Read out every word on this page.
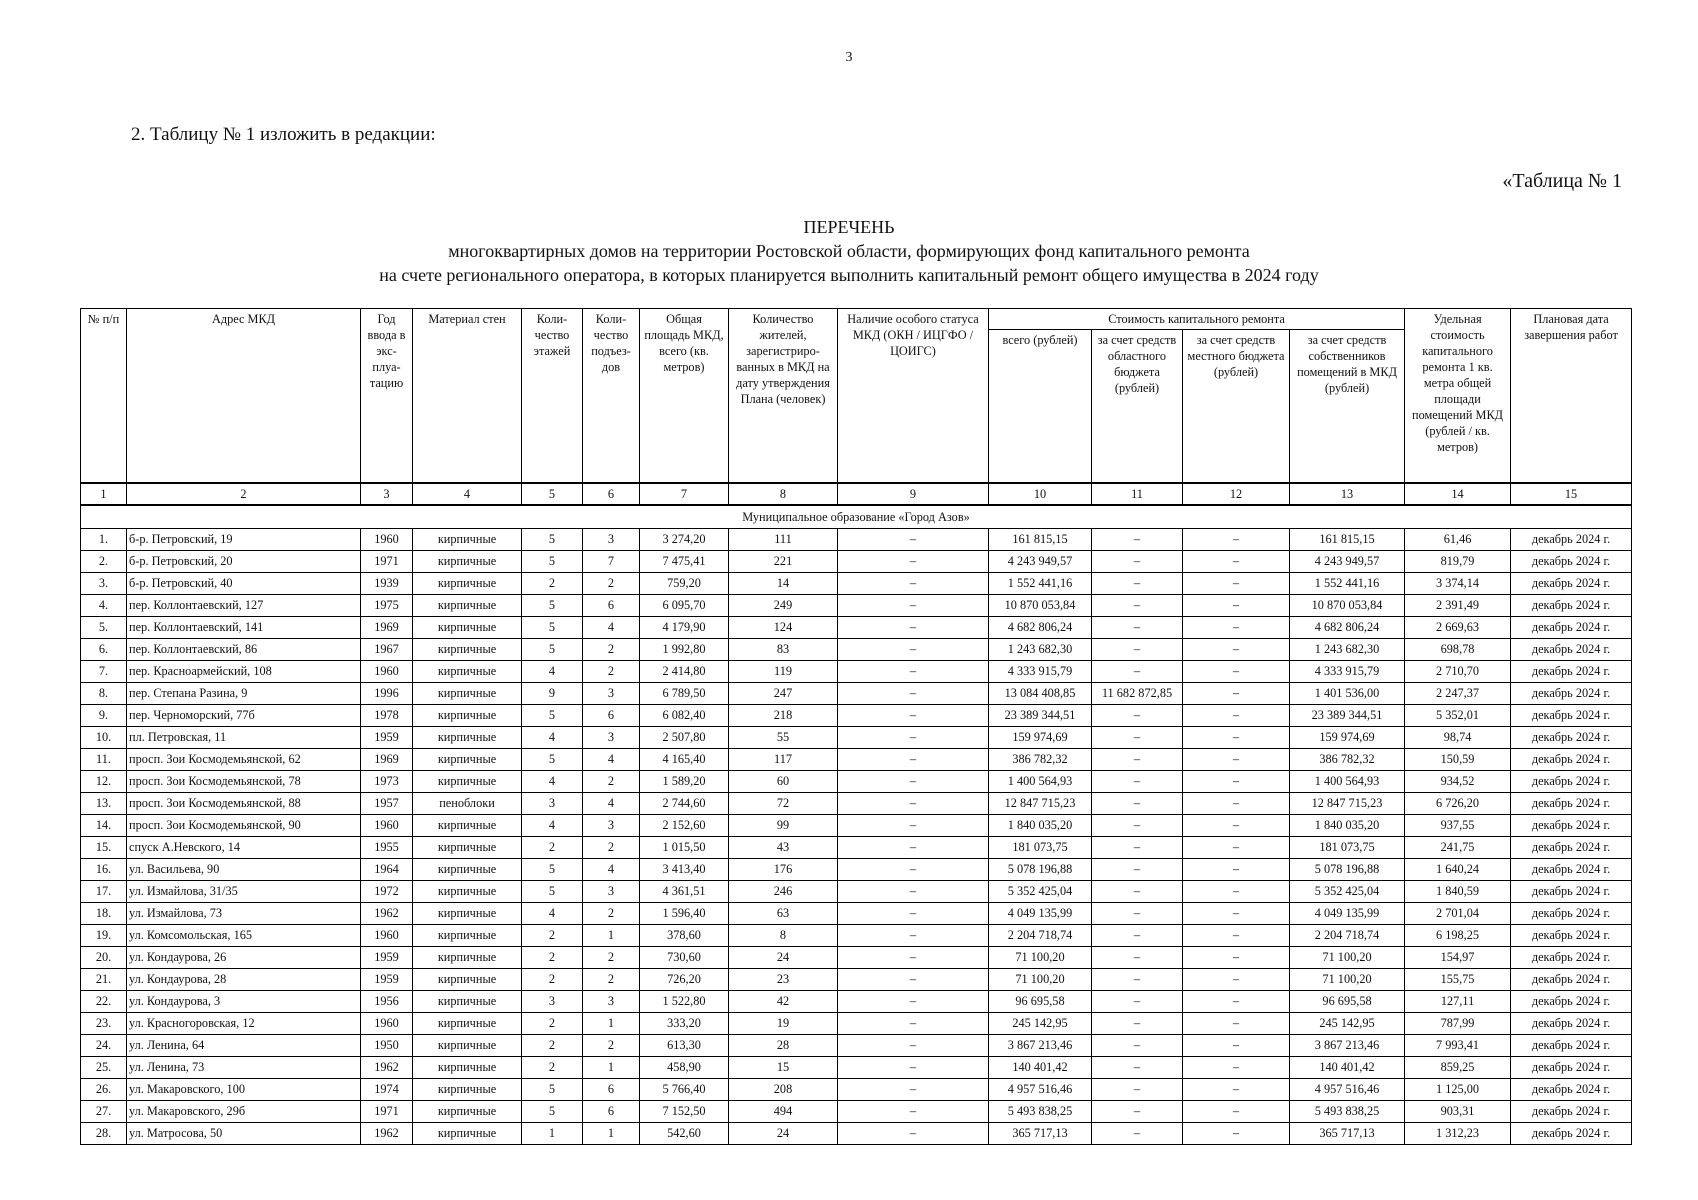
3
2. Таблицу № 1 изложить в редакции:
«Таблица № 1
ПЕРЕЧЕНЬ
многоквартирных домов на территории Ростовской области, формирующих фонд капитального ремонта
на счете регионального оператора, в которых планируется выполнить капитальный ремонт общего имущества в 2024 году
№ п/п	Адрес МКД	Год ввода в экс-плуа-тацию	Материал стен	Коли-чество этажей	Коли-чество подъез-дов	Общая площадь МКД, всего (кв. метров)	Количество жителей, зарегистриро-ванных в МКД на дату утверждения Плана (человек)	Наличие особого статуса МКД (ОКН / ИЦГФО / ЦОИГС)	Стоимость капитального ремонта				Удельная стоимость капитального ремонта 1 кв. метра общей площади помещений МКД (рублей / кв. метров)	Плановая дата завершения работ
									всего (рублей)	за счет средств областного бюджета (рублей)	за счет средств местного бюджета (рублей)	за счет средств собственников помещений в МКД (рублей)		
1	2	3	4	5	6	7	8	9	10	11	12	13	14	15
Муниципальное образование «Город Азов»														
1.	б-р. Петровский, 19	1960	кирпичные	5	3	3 274,20	111	–	161 815,15	–	–	161 815,15	61,46	декабрь 2024 г.
2.	б-р. Петровский, 20	1971	кирпичные	5	7	7 475,41	221	–	4 243 949,57	–	–	4 243 949,57	819,79	декабрь 2024 г.
3.	б-р. Петровский, 40	1939	кирпичные	2	2	759,20	14	–	1 552 441,16	–	–	1 552 441,16	3 374,14	декабрь 2024 г.
4.	пер. Коллонтаевский, 127	1975	кирпичные	5	6	6 095,70	249	–	10 870 053,84	–	–	10 870 053,84	2 391,49	декабрь 2024 г.
5.	пер. Коллонтаевский, 141	1969	кирпичные	5	4	4 179,90	124	–	4 682 806,24	–	–	4 682 806,24	2 669,63	декабрь 2024 г.
6.	пер. Коллонтаевский, 86	1967	кирпичные	5	2	1 992,80	83	–	1 243 682,30	–	–	1 243 682,30	698,78	декабрь 2024 г.
7.	пер. Красноармейский, 108	1960	кирпичные	4	2	2 414,80	119	–	4 333 915,79	–	–	4 333 915,79	2 710,70	декабрь 2024 г.
8.	пер. Степана Разина, 9	1996	кирпичные	9	3	6 789,50	247	–	13 084 408,85	11 682 872,85	–	1 401 536,00	2 247,37	декабрь 2024 г.
9.	пер. Черноморский, 77б	1978	кирпичные	5	6	6 082,40	218	–	23 389 344,51	–	–	23 389 344,51	5 352,01	декабрь 2024 г.
10.	пл. Петровская, 11	1959	кирпичные	4	3	2 507,80	55	–	159 974,69	–	–	159 974,69	98,74	декабрь 2024 г.
11.	просп. Зои Космодемьянской, 62	1969	кирпичные	5	4	4 165,40	117	–	386 782,32	–	–	386 782,32	150,59	декабрь 2024 г.
12.	просп. Зои Космодемьянской, 78	1973	кирпичные	4	2	1 589,20	60	–	1 400 564,93	–	–	1 400 564,93	934,52	декабрь 2024 г.
13.	просп. Зои Космодемьянской, 88	1957	пеноблоки	3	4	2 744,60	72	–	12 847 715,23	–	–	12 847 715,23	6 726,20	декабрь 2024 г.
14.	просп. Зои Космодемьянской, 90	1960	кирпичные	4	3	2 152,60	99	–	1 840 035,20	–	–	1 840 035,20	937,55	декабрь 2024 г.
15.	спуск А.Невского, 14	1955	кирпичные	2	2	1 015,50	43	–	181 073,75	–	–	181 073,75	241,75	декабрь 2024 г.
16.	ул. Васильева, 90	1964	кирпичные	5	4	3 413,40	176	–	5 078 196,88	–	–	5 078 196,88	1 640,24	декабрь 2024 г.
17.	ул. Измайлова, 31/35	1972	кирпичные	5	3	4 361,51	246	–	5 352 425,04	–	–	5 352 425,04	1 840,59	декабрь 2024 г.
18.	ул. Измайлова, 73	1962	кирпичные	4	2	1 596,40	63	–	4 049 135,99	–	–	4 049 135,99	2 701,04	декабрь 2024 г.
19.	ул. Комсомольская, 165	1960	кирпичные	2	1	378,60	8	–	2 204 718,74	–	–	2 204 718,74	6 198,25	декабрь 2024 г.
20.	ул. Кондаурова, 26	1959	кирпичные	2	2	730,60	24	–	71 100,20	–	–	71 100,20	154,97	декабрь 2024 г.
21.	ул. Кондаурова, 28	1959	кирпичные	2	2	726,20	23	–	71 100,20	–	–	71 100,20	155,75	декабрь 2024 г.
22.	ул. Кондаурова, 3	1956	кирпичные	3	3	1 522,80	42	–	96 695,58	–	–	96 695,58	127,11	декабрь 2024 г.
23.	ул. Красногоровская, 12	1960	кирпичные	2	1	333,20	19	–	245 142,95	–	–	245 142,95	787,99	декабрь 2024 г.
24.	ул. Ленина, 64	1950	кирпичные	2	2	613,30	28	–	3 867 213,46	–	–	3 867 213,46	7 993,41	декабрь 2024 г.
25.	ул. Ленина, 73	1962	кирпичные	2	1	458,90	15	–	140 401,42	–	–	140 401,42	859,25	декабрь 2024 г.
26.	ул. Макаровского, 100	1974	кирпичные	5	6	5 766,40	208	–	4 957 516,46	–	–	4 957 516,46	1 125,00	декабрь 2024 г.
27.	ул. Макаровского, 29б	1971	кирпичные	5	6	7 152,50	494	–	5 493 838,25	–	–	5 493 838,25	903,31	декабрь 2024 г.
28.	ул. Матросова, 50	1962	кирпичные	1	1	542,60	24	–	365 717,13	–	–	365 717,13	1 312,23	декабрь 2024 г.
